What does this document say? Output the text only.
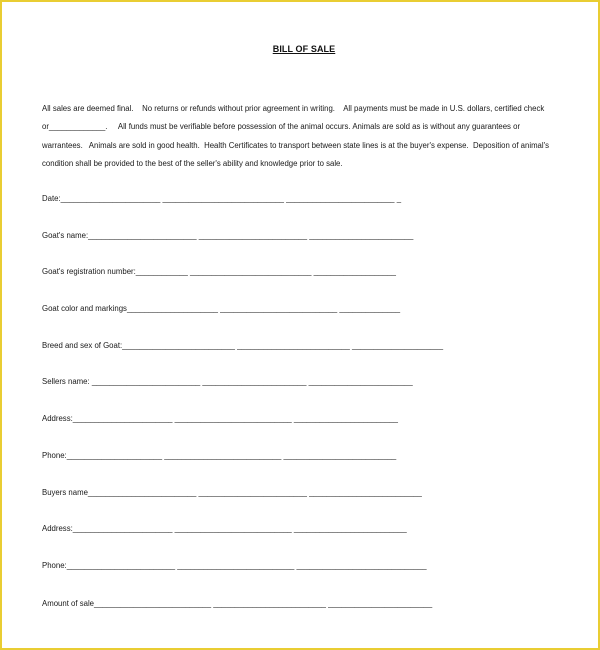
BILL OF SALE

All sales are deemed final.    No returns or refunds without prior agreement in writing.    All payments must be made in U.S. dollars, certified check
or_____________.     All funds must be verifiable before possession of the animal occurs. Animals are sold as is without any guarantees or
warrantees.   Animals are sold in good health.  Health Certificates to transport between state lines is at the buyer's expense.  Deposition of animal's
condition shall be provided to the best of the seller's ability and knowledge prior to sale.

Date:_______________________ ____________________________ _________________________ _
Goat's name:_________________________ _________________________ ________________________
Goat's registration number:____________ ____________________________ ___________________
Goat color and markings_____________________ ___________________________ ______________
Breed and sex of Goat:__________________________ __________________________ _____________________
Sellers name: _________________________ ________________________ ________________________
Address:_______________________ ___________________________ ________________________
Phone:______________________ ___________________________ __________________________
Buyers name_________________________ _________________________ __________________________
Address:_______________________ ___________________________ __________________________
Phone:_________________________ ___________________________ ______________________________
Amount of sale___________________________ __________________________ ________________________
